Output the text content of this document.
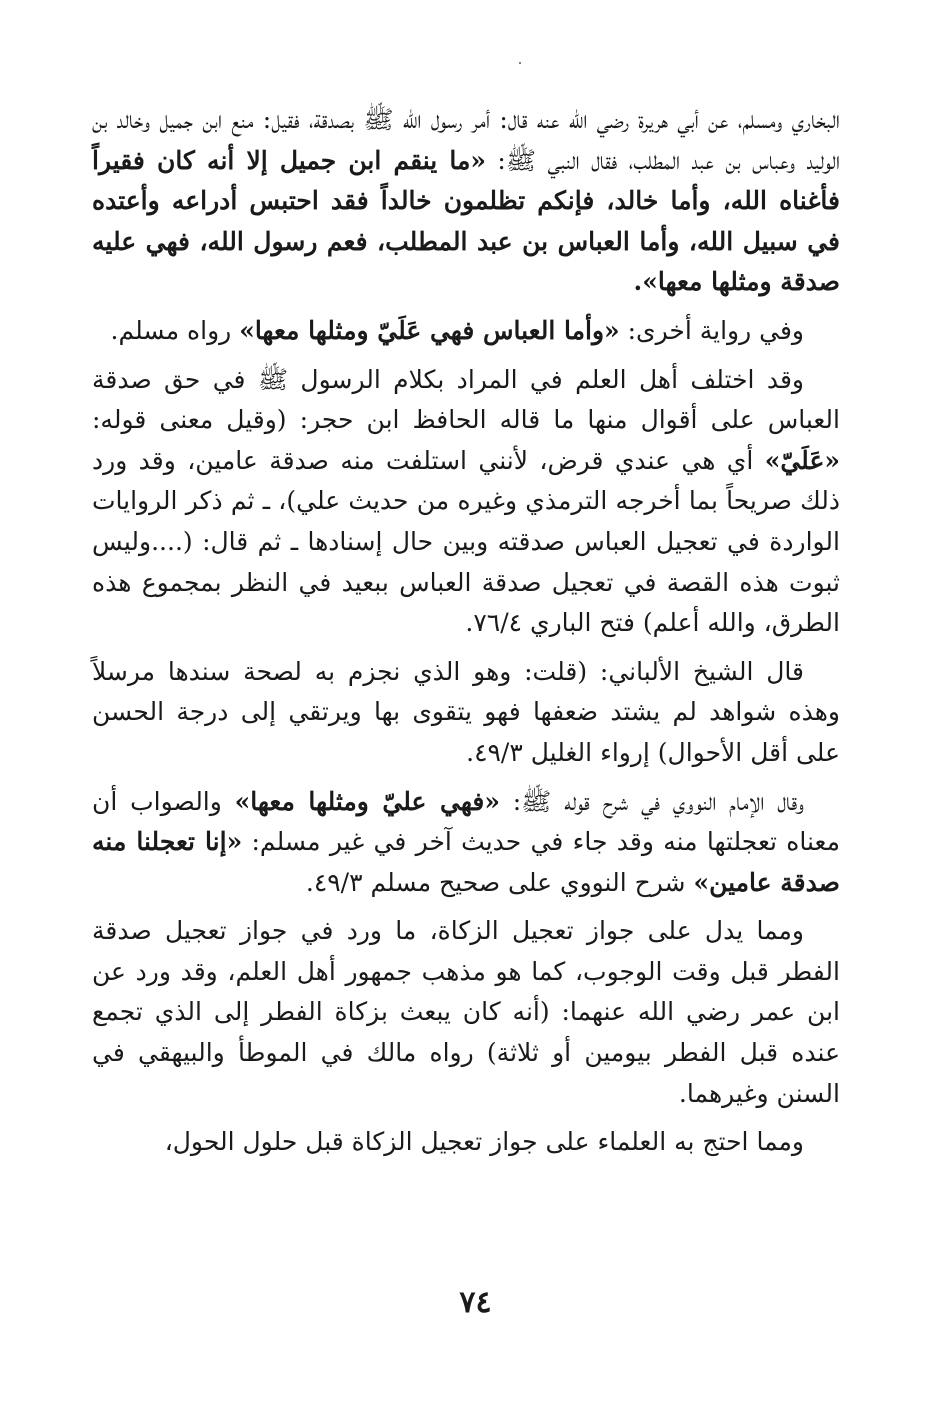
البخاري ومسلم، عن أبي هريرة رضي الله عنه قال: أمر رسول الله ﷺ بصدقة، فقيل: منع ابن جميل وخالد بن الوليد وعباس بن عبد المطلب، فقال النبي ﷺ: «ما ينقم ابن جميل إلا أنه كان فقيراً فأغناه الله، وأما خالد، فإنكم تظلمون خالداً فقد احتبس أدراعه وأعتده في سبيل الله، وأما العباس بن عبد المطلب، فعم رسول الله، فهي عليه صدقة ومثلها معها».

وفي رواية أخرى: «وأما العباس فهي عَلَيّ ومثلها معها» رواه مسلم.

وقد اختلف أهل العلم في المراد بكلام الرسول ﷺ في حق صدقة العباس على أقوال منها ما قاله الحافظ ابن حجر: (وقيل معنى قوله: «عَلَيّ» أي هي عندي قرض، لأنني استلفت منه صدقة عامين، وقد ورد ذلك صريحاً بما أخرجه الترمذي وغيره من حديث علي)، ـ ثم ذكر الروايات الواردة في تعجيل العباس صدقته وبين حال إسنادها ـ ثم قال: (....وليس ثبوت هذه القصة في تعجيل صدقة العباس ببعيد في النظر بمجموع هذه الطرق، والله أعلم) فتح الباري ٧٦/٤.

قال الشيخ الألباني: (قلت: وهو الذي نجزم به لصحة سندها مرسلاً وهذه شواهد لم يشتد ضعفها فهو يتقوى بها ويرتقي إلى درجة الحسن على أقل الأحوال) إرواء الغليل ٤٩/٣.

وقال الإمام النووي في شرح قوله ﷺ: «فهي عليّ ومثلها معها» والصواب أن معناه تعجلتها منه وقد جاء في حديث آخر في غير مسلم: «إنا تعجلنا منه صدقة عامين» شرح النووي على صحيح مسلم ٤٩/٣.

ومما يدل على جواز تعجيل الزكاة، ما ورد في جواز تعجيل صدقة الفطر قبل وقت الوجوب، كما هو مذهب جمهور أهل العلم، وقد ورد عن ابن عمر رضي الله عنهما: (أنه كان يبعث بزكاة الفطر إلى الذي تجمع عنده قبل الفطر بيومين أو ثلاثة) رواه مالك في الموطأ والبيهقي في السنن وغيرهما.

ومما احتج به العلماء على جواز تعجيل الزكاة قبل حلول الحول،

٧٤
